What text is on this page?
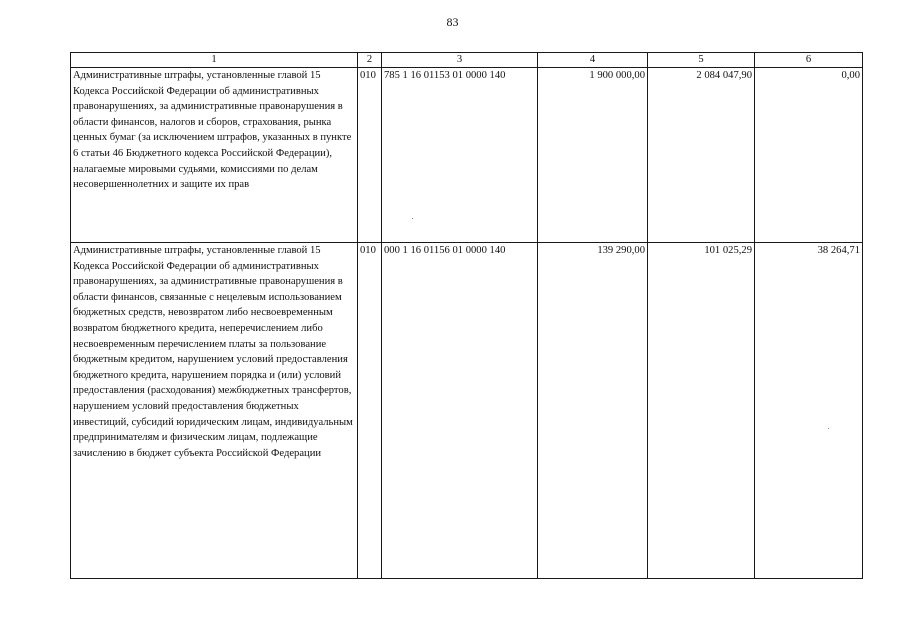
83
1	2	3	4	5	6
Административные штрафы, установленные главой 15 Кодекса Российской Федерации об административных правонарушениях, за административные правонарушения в области финансов, налогов и сборов, страхования, рынка ценных бумаг (за исключением штрафов, указанных в пункте 6 статьи 46 Бюджетного кодекса Российской Федерации), налагаемые мировыми судьями, комиссиями по делам несовершеннолетних и защите их прав	010	785 1 16 01153 01 0000 140	1 900 000,00	2 084 047,90	0,00
Административные штрафы, установленные главой 15 Кодекса Российской Федерации об административных правонарушениях, за административные правонарушения в области финансов, связанные с нецелевым использованием бюджетных средств, невозвратом либо несвоевременным возвратом бюджетного кредита, неперечислением либо несвоевременным перечислением платы за пользование бюджетным кредитом, нарушением условий предоставления бюджетного кредита, нарушением порядка и (или) условий предоставления (расходования) межбюджетных трансфертов, нарушением условий предоставления бюджетных инвестиций, субсидий юридическим лицам, индивидуальным предпринимателям и физическим лицам, подлежащие зачислению в бюджет субъекта Российской Федерации	010	000 1 16 01156 01 0000 140	139 290,00	101 025,29	38 264,71
